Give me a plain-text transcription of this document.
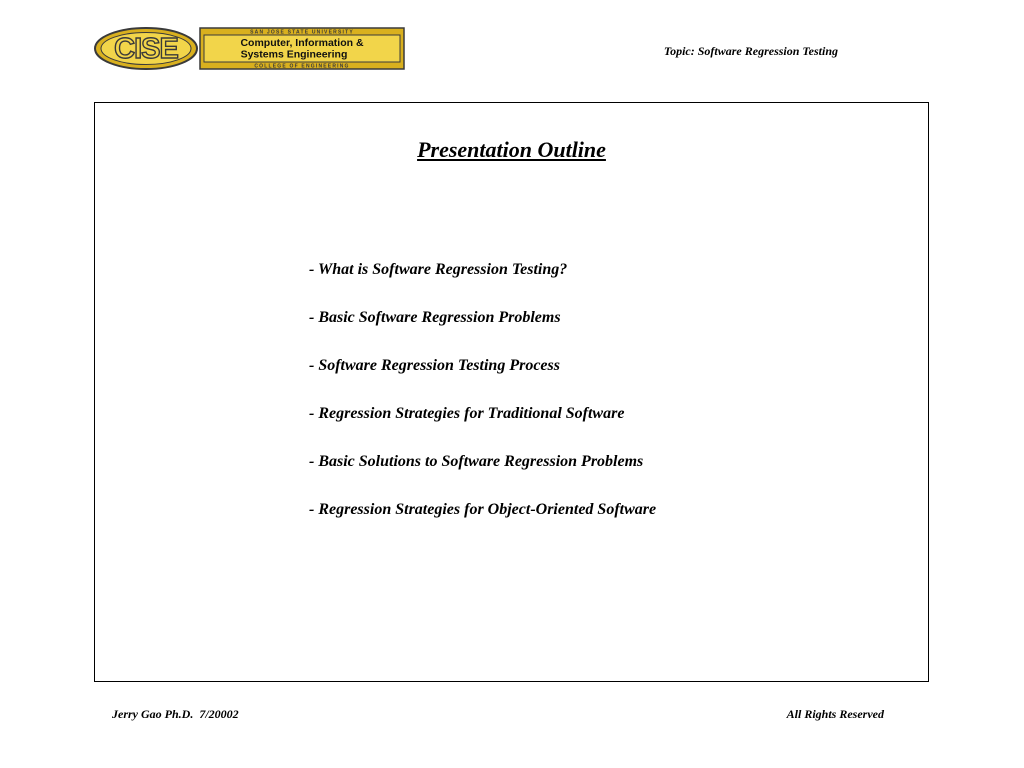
CISE
SAN JOSE STATE UNIVERSITY
Computer, Information &
Systems Engineering
COLLEGE OF ENGINEERING
Topic: Software Regression Testing
Presentation Outline
- What is Software Regression Testing?
- Basic Software Regression Problems
- Software Regression Testing Process
- Regression Strategies for Traditional Software
- Basic Solutions to Software Regression Problems
- Regression Strategies for Object-Oriented Software
Jerry Gao Ph.D.  7/20002	All Rights Reserved
